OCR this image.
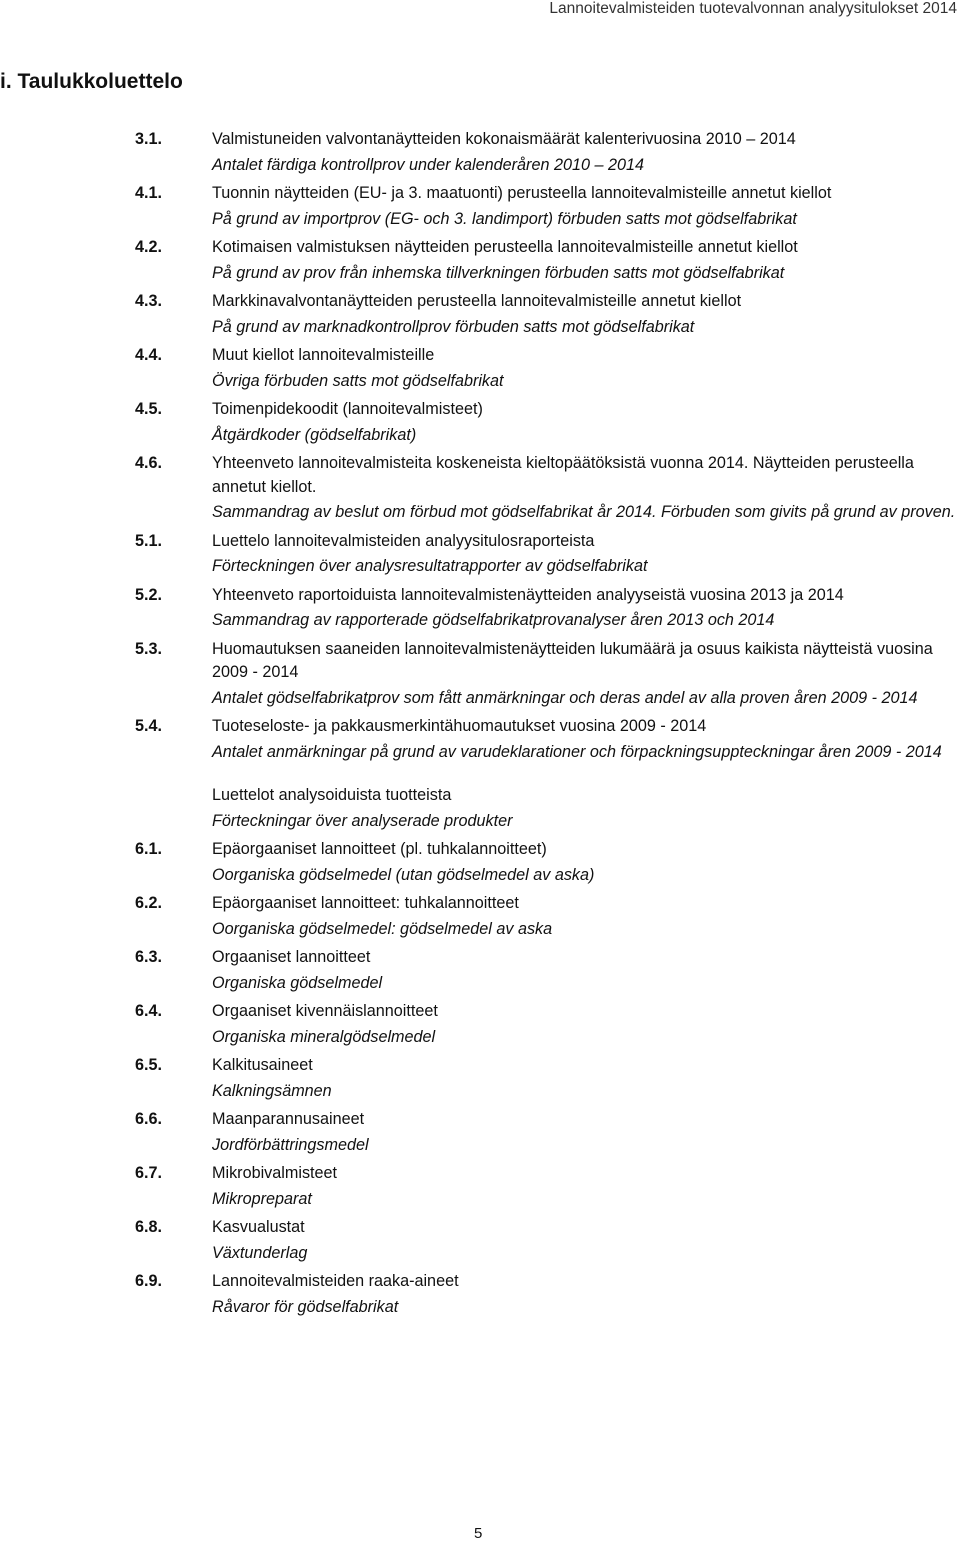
Lannoitevalmisteiden tuotevalvonnan analyysitulokset 2014
i. Taulukkoluettelo
3.1.	Valmistuneiden valvontanäytteiden kokonaismäärät kalenterivuosina 2010 – 2014
Antalet färdiga kontrollprov under kalenderåren 2010 – 2014
4.1.	Tuonnin näytteiden (EU- ja 3. maatuonti) perusteella lannoitevalmisteille annetut kiellot
På grund av importprov (EG- och 3. landimport) förbuden satts mot gödselfabrikat
4.2.	Kotimaisen valmistuksen näytteiden perusteella lannoitevalmisteille annetut kiellot
På grund av prov från inhemska tillverkningen förbuden satts mot gödselfabrikat
4.3.	Markkinavalvontanäytteiden perusteella lannoitevalmisteille annetut kiellot
På grund av marknadkontrollprov förbuden satts mot gödselfabrikat
4.4.	Muut kiellot lannoitevalmisteille
Övriga förbuden satts mot gödselfabrikat
4.5.	Toimenpidekoodit (lannoitevalmisteet)
Åtgärdkoder (gödselfabrikat)
4.6.	Yhteenveto lannoitevalmisteita koskeneista kieltopäätöksistä vuonna 2014. Näytteiden perusteella annetut kiellot.
Sammandrag av beslut om förbud mot gödselfabrikat år 2014. Förbuden som givits på grund av proven.
5.1.	Luettelo lannoitevalmisteiden analyysitulosraporteista
Förteckningen över analysresultatrapporter av gödselfabrikat
5.2.	Yhteenveto raportoiduista lannoitevalmistenäytteiden analyyseistä vuosina 2013 ja 2014
Sammandrag av rapporterade gödselfabrikatprovanalyser åren 2013 och 2014
5.3.	Huomautuksen saaneiden lannoitevalmistenäytteiden lukumäärä ja osuus kaikista näytteistä vuosina 2009 - 2014
Antalet gödselfabrikatprov som fått anmärkningar och deras andel av alla proven åren 2009 - 2014
5.4.	Tuoteseloste- ja pakkausmerkintähuomautukset vuosina 2009 - 2014
Antalet anmärkningar på grund av varudeklarationer och förpackningsuppteckningar åren 2009 - 2014
Luettelot analysoiduista tuotteista
Förteckningar över analyserade produkter
6.1.	Epäorgaaniset lannoitteet (pl. tuhkalannoitteet)
Oorganiska gödselmedel (utan gödselmedel av aska)
6.2.	Epäorgaaniset lannoitteet: tuhkalannoitteet
Oorganiska gödselmedel: gödselmedel av aska
6.3.	Orgaaniset lannoitteet
Organiska gödselmedel
6.4.	Orgaaniset kivennäislannoitteet
Organiska mineralgödselmedel
6.5.	Kalkitusaineet
Kalkningsämnen
6.6.	Maanparannusaineet
Jordförbättringsmedel
6.7.	Mikrobivalmisteet
Mikropreparat
6.8.	Kasvualustat
Växtunderlag
6.9.	Lannoitevalmisteiden raaka-aineet
Råvaror för gödselfabrikat
5
